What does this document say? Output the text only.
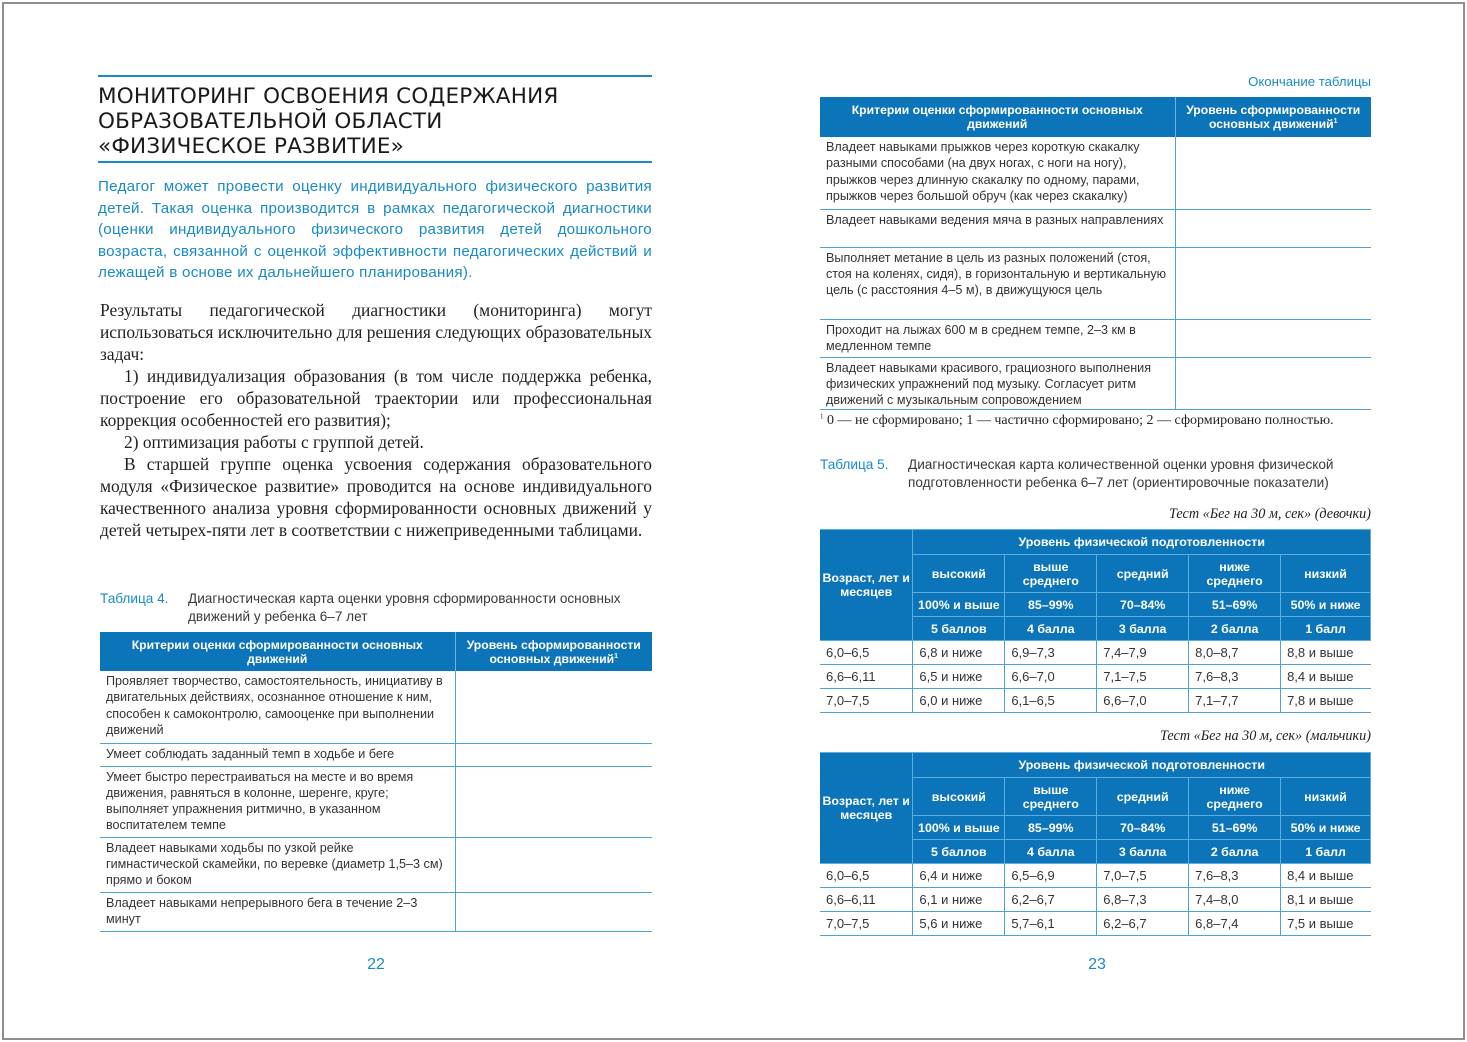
МОНИТОРИНГ ОСВОЕНИЯ СОДЕРЖАНИЯ
ОБРАЗОВАТЕЛЬНОЙ ОБЛАСТИ
«ФИЗИЧЕСКОЕ РАЗВИТИЕ»

Педагог может провести оценку индивидуального физического развития детей. Такая оценка производится в рамках педагогической диагностики (оценки индивидуального физического развития детей дошкольного возраста, связанной с оценкой эффективности педагогических действий и лежащей в основе их дальнейшего планирования).

Результаты педагогической диагностики (мониторинга) могут использоваться исключительно для решения следующих образовательных задач:

1) индивидуализация образования (в том числе поддержка ребенка, построение его образовательной траектории или профессиональная коррекция особенностей его развития);

2) оптимизация работы с группой детей.

В старшей группе оценка усвоения содержания образовательного модуля «Физическое развитие» проводится на основе индивидуального качественного анализа уровня сформированности основных движений у детей четырех-пяти лет в соответствии с нижеприведенными таблицами.

Таблица 4.	Диагностическая карта оценки уровня сформированности основных движений у ребенка 6–7 лет
Критерии оценки сформированности основных движений	Уровень сформированности основных движений$^1$
Проявляет творчество, самостоятельность, инициативу в двигательных действиях, осознанное отношение к ним, способен к самоконтролю, самооценке при выполнении движений	
Умеет соблюдать заданный темп в ходьбе и беге	
Умеет быстро перестраиваться на месте и во время движения, равняться в колонне, шеренге, круге; выполняет упражнения ритмично, в указанном воспитателем темпе	
Владеет навыками ходьбы по узкой рейке гимнастической скамейки, по веревке (диаметр 1,5–3 см) прямо и боком	
Владеет навыками непрерывного бега в течение 2–3 минут	
22
Окончание таблицы
Критерии оценки сформированности основных движений	Уровень сформированности основных движений$^1$
Владеет навыками прыжков через короткую скакалку разными способами (на двух ногах, с ноги на ногу), прыжков через длинную скакалку по одному, парами, прыжков через большой обруч (как через скакалку)	
Владеет навыками ведения мяча в разных направлениях	
Выполняет метание в цель из разных положений (стоя, стоя на коленях, сидя), в горизонтальную и вертикальную цель (с расстояния 4–5 м), в движущуюся цель	
Проходит на лыжах 600 м в среднем темпе, 2–3 км в медленном темпе	
Владеет навыками красивого, грациозного выполнения физических упражнений под музыку. Согласует ритм движений с музыкальным сопровождением	
$^1$ 0 — не сформировано; 1 — частично сформировано; 2 — сформировано полностью.
Таблица 5.	Диагностическая карта количественной оценки уровня физической подготовленности ребенка 6–7 лет (ориентировочные показатели)
Тест «Бег на 30 м, сек» (девочки)
Возраст, лет и месяцев	Уровень физической подготовленности				
	высокий	выше среднего	средний	ниже среднего	низкий
	100% и выше	85–99%	70–84%	51–69%	50% и ниже
	5 баллов	4 балла	3 балла	2 балла	1 балл
6,0–6,5	6,8 и ниже	6,9–7,3	7,4–7,9	8,0–8,7	8,8 и выше
6,6–6,11	6,5 и ниже	6,6–7,0	7,1–7,5	7,6–8,3	8,4 и выше
7,0–7,5	6,0 и ниже	6,1–6,5	6,6–7,0	7,1–7,7	7,8 и выше
Тест «Бег на 30 м, сек» (мальчики)
Возраст, лет и месяцев	Уровень физической подготовленности				
	высокий	выше среднего	средний	ниже среднего	низкий
	100% и выше	85–99%	70–84%	51–69%	50% и ниже
	5 баллов	4 балла	3 балла	2 балла	1 балл
6,0–6,5	6,4 и ниже	6,5–6,9	7,0–7,5	7,6–8,3	8,4 и выше
6,6–6,11	6,1 и ниже	6,2–6,7	6,8–7,3	7,4–8,0	8,1 и выше
7,0–7,5	5,6 и ниже	5,7–6,1	6,2–6,7	6,8–7,4	7,5 и выше
23
